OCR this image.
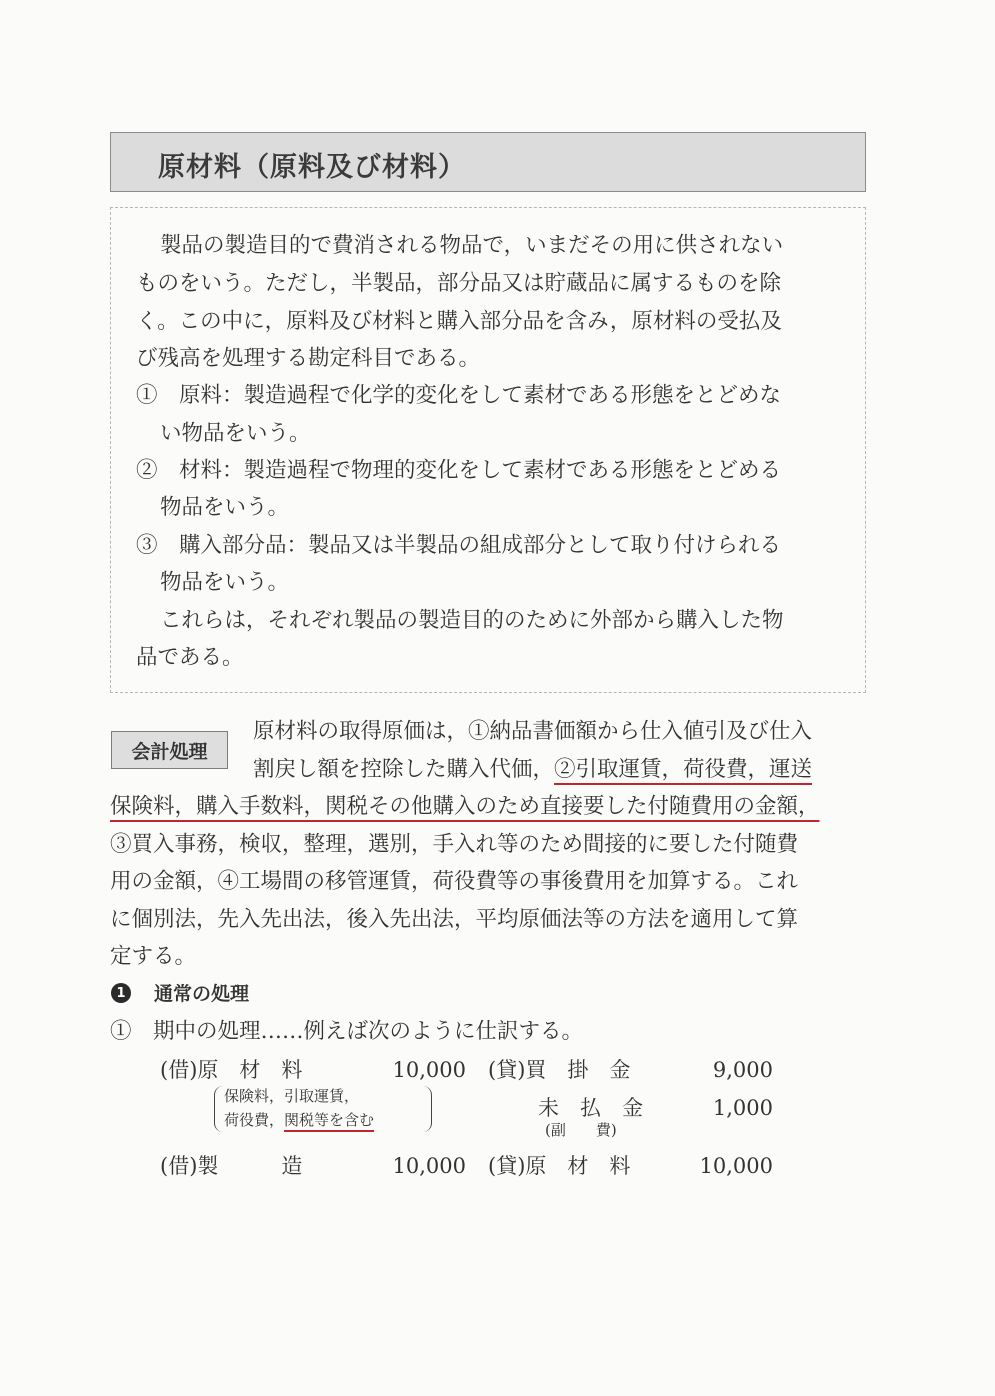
原材料（原料及び材料）
製品の製造目的で費消される物品で，いまだその用に供されない
ものをいう。ただし，半製品，部分品又は貯蔵品に属するものを除
く。この中に，原料及び材料と購入部分品を含み，原材料の受払及
び残高を処理する勘定科目である。
①　原料：製造過程で化学的変化をして素材である形態をとどめな
い物品をいう。
②　材料：製造過程で物理的変化をして素材である形態をとどめる
物品をいう。
③　購入部分品：製品又は半製品の組成部分として取り付けられる
物品をいう。
これらは，それぞれ製品の製造目的のために外部から購入した物
品である。
会計処理
原材料の取得原価は，①納品書価額から仕入値引及び仕入
割戻し額を控除した購入代価，②引取運賃，荷役費，運送
保険料，購入手数料，関税その他購入のため直接要した付随費用の金額，
③買入事務，検収，整理，選別，手入れ等のため間接的に要した付随費
用の金額，④工場間の移管運賃，荷役費等の事後費用を加算する。これ
に個別法，先入先出法，後入先出法，平均原価法等の方法を適用して算
定する。
1 通常の処理
①　期中の処理……例えば次のように仕訳する。
(借)原　材　料	10,000 (貸)買　掛　金	9,000
保険料，引取運賃，
荷役費，関税等を含む	未　払　金	1,000
(副　　費)
(借)製　　　造	10,000 (貸)原　材　料	10,000
